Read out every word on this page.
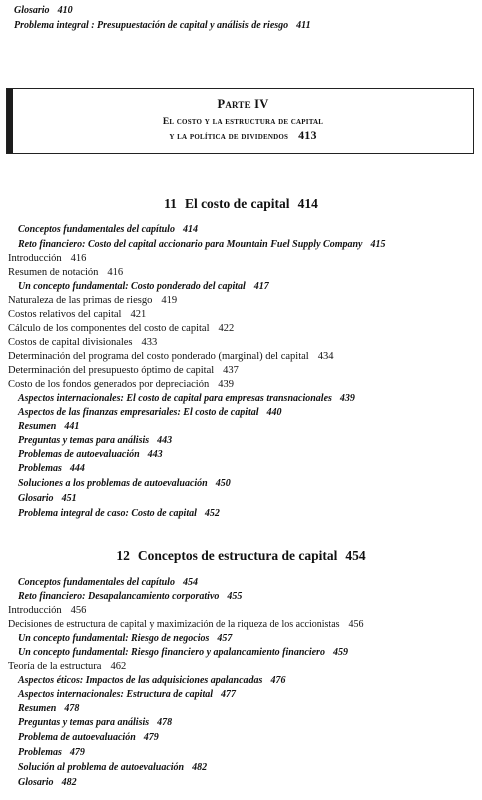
Glosario 410
Problema integral : Presupuestación de capital y análisis de riesgo 411
Parte IV
El costo y la estructura de capital
y la política de dividendos 413
11 El costo de capital 414
Conceptos fundamentales del capítulo 414
Reto financiero: Costo del capital accionario para Mountain Fuel Supply Company 415
Introducción 416
Resumen de notación 416
Un concepto fundamental: Costo ponderado del capital 417
Naturaleza de las primas de riesgo 419
Costos relativos del capital 421
Cálculo de los componentes del costo de capital 422
Costos de capital divisionales 433
Determinación del programa del costo ponderado (marginal) del capital 434
Determinación del presupuesto óptimo de capital 437
Costo de los fondos generados por depreciación 439
Aspectos internacionales: El costo de capital para empresas transnacionales 439
Aspectos de las finanzas empresariales: El costo de capital 440
Resumen 441
Preguntas y temas para análisis 443
Problemas de autoevaluación 443
Problemas 444
Soluciones a los problemas de autoevaluación 450
Glosario 451
Problema integral de caso: Costo de capital 452
12 Conceptos de estructura de capital 454
Conceptos fundamentales del capítulo 454
Reto financiero: Desapalancamiento corporativo 455
Introducción 456
Decisiones de estructura de capital y maximización de la riqueza de los accionistas 456
Un concepto fundamental: Riesgo de negocios 457
Un concepto fundamental: Riesgo financiero y apalancamiento financiero 459
Teoría de la estructura 462
Aspectos éticos: Impactos de las adquisiciones apalancadas 476
Aspectos internacionales: Estructura de capital 477
Resumen 478
Preguntas y temas para análisis 478
Problema de autoevaluación 479
Problemas 479
Solución al problema de autoevaluación 482
Glosario 482
